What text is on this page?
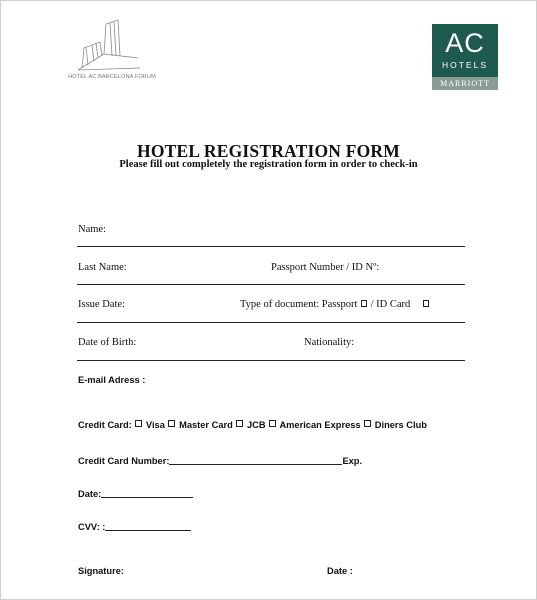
HOTEL AC BARCELONA FORUM
AC
HOTELS
MARRIOTT
HOTEL REGISTRATION FORM
Please fill out completely the registration form in order to check-in
Name:
Last Name:	Passport Number / ID Nº:
Issue Date:	Type of document: Passport / ID Card
Date of Birth:	Nationality:
E-mail Adress :
Credit Card: Visa Master Card JCB American Express Diners Club
Credit Card Number:	Exp.
Date:
CVV: :
Signature:	Date :
